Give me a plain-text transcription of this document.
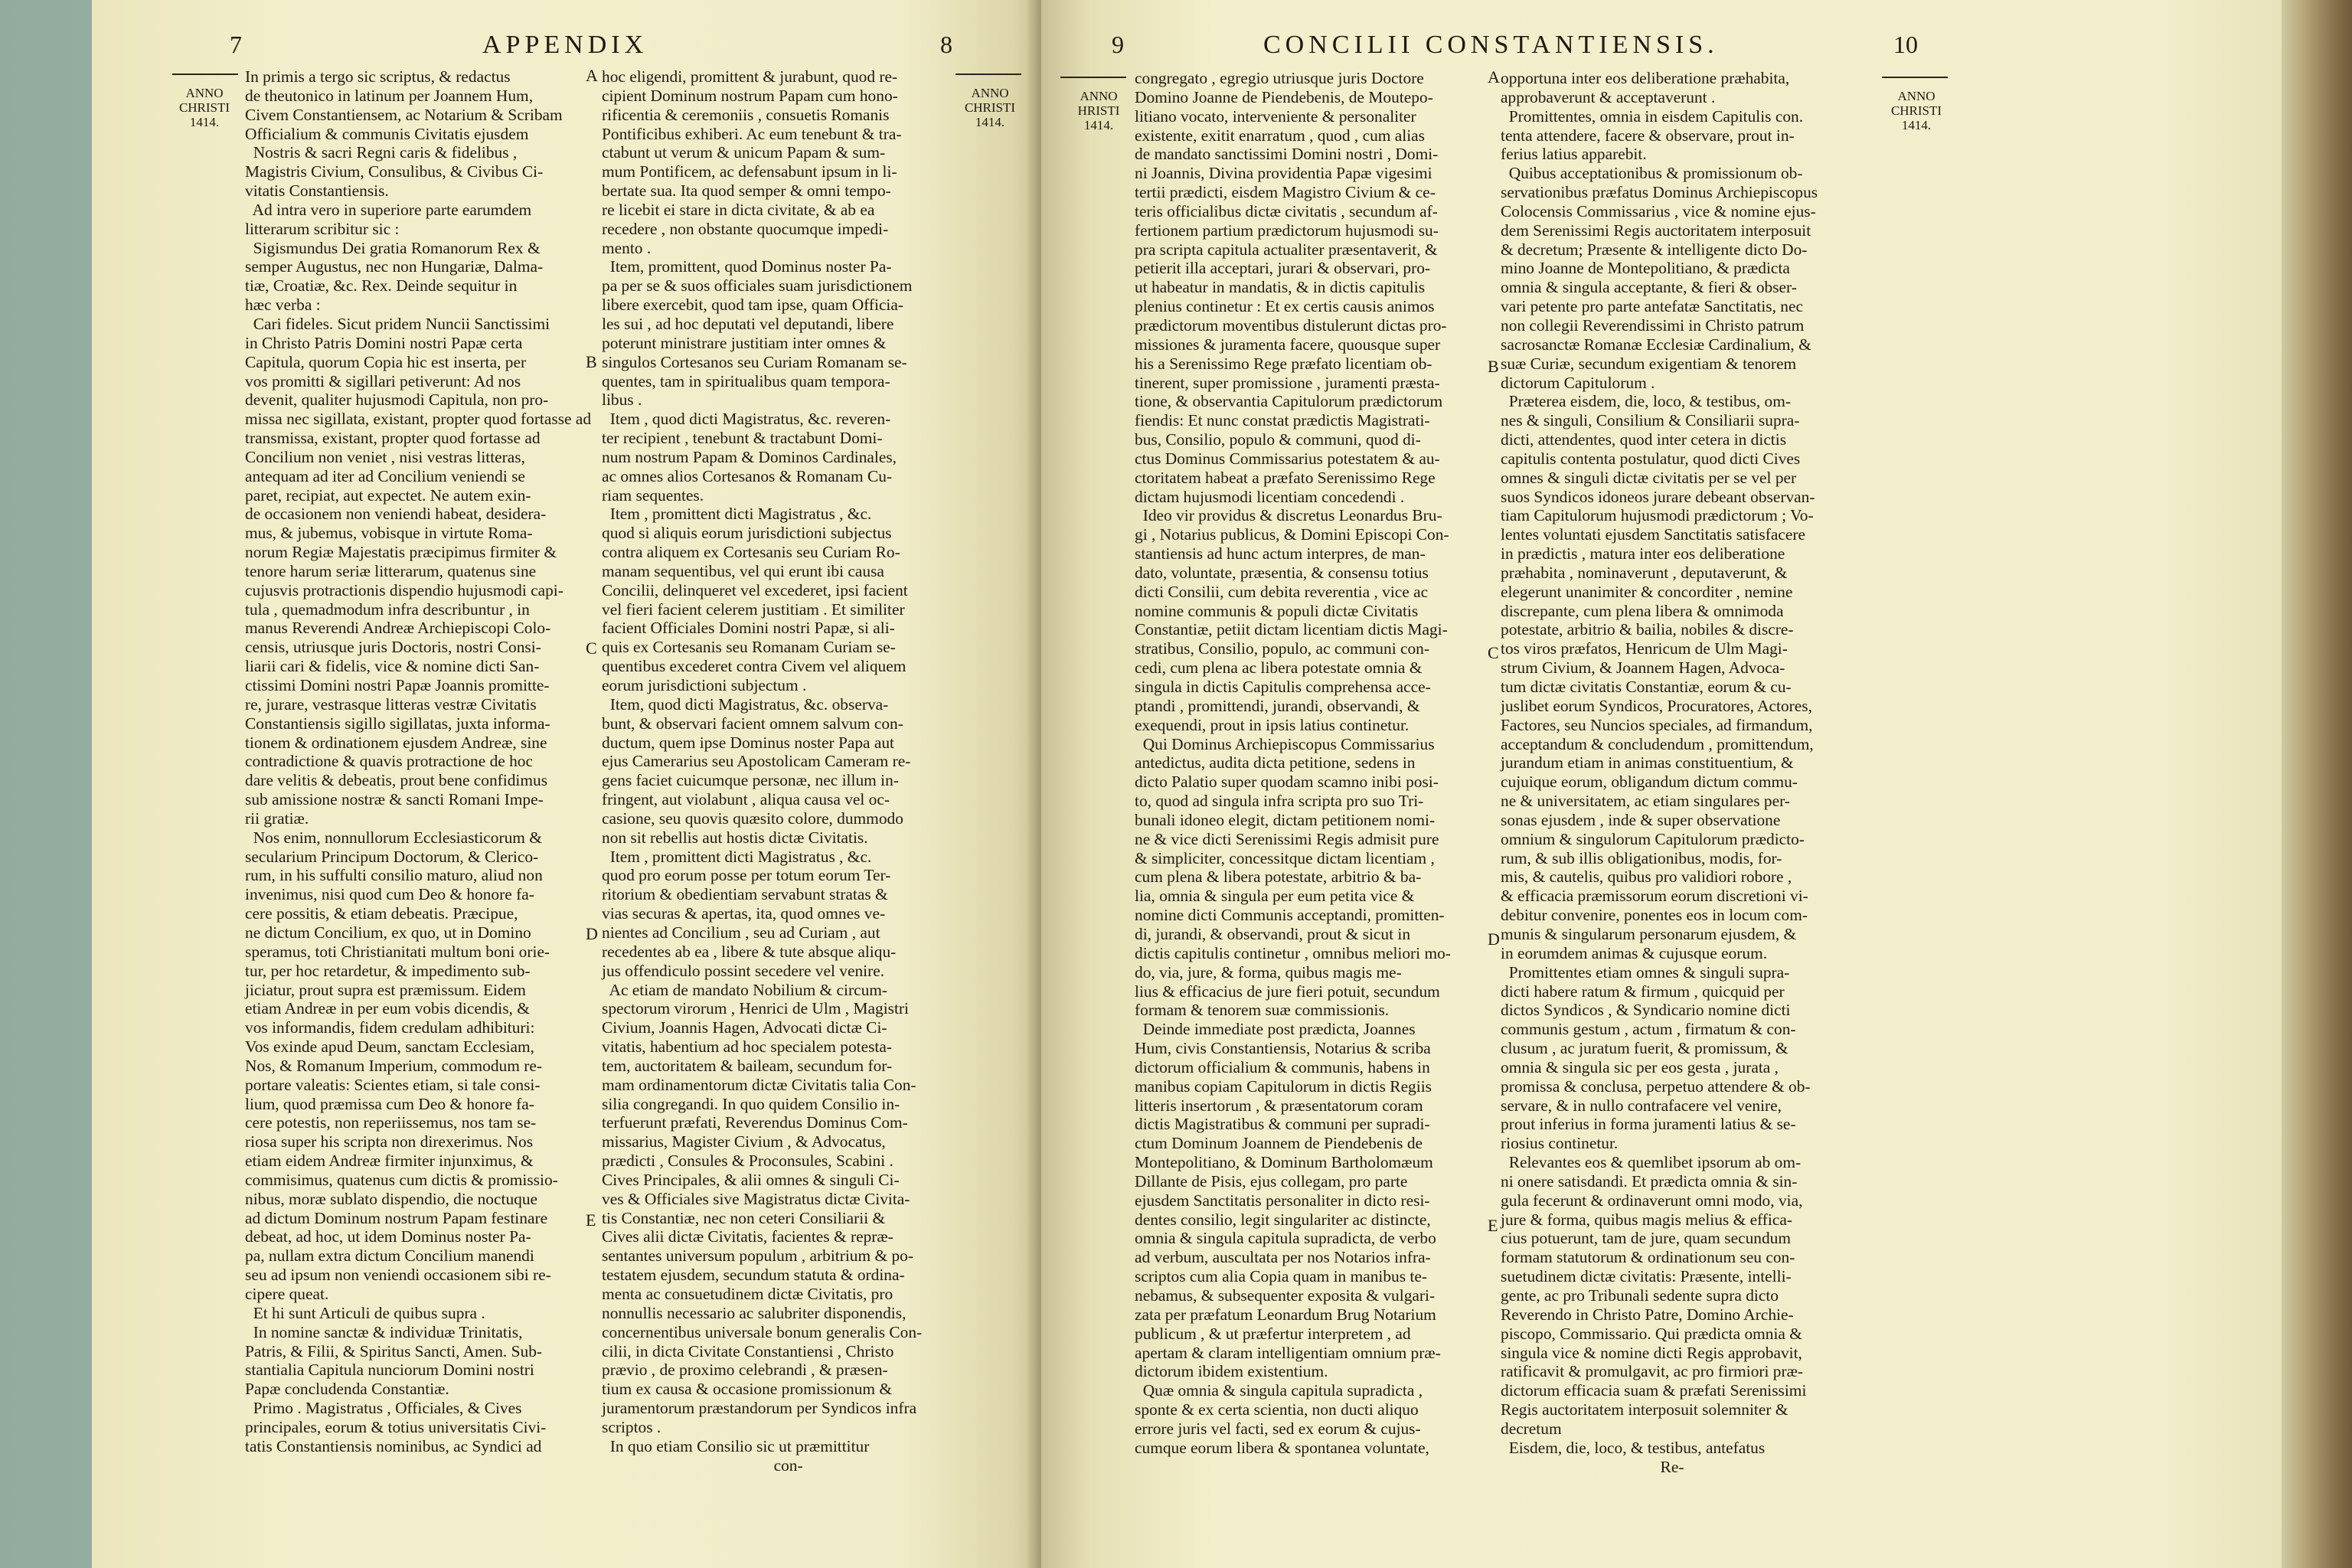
7	APPENDIX	8
ANNO
CHRISTI
1414.
ANNO
CHRISTI
1414.
A
B
C
D
E
In primis a tergo sic scriptus, & redactus
de theutonico in latinum per Joannem Hum,
Civem Constantiensem, ac Notarium & Scribam
Officialium & communis Civitatis ejusdem
Nostris & sacri Regni caris & fidelibus ,
Magistris Civium, Consulibus, & Civibus Ci-
vitatis Constantiensis.
Ad intra vero in superiore parte earumdem
litterarum scribitur sic :
Sigismundus Dei gratia Romanorum Rex &
semper Augustus, nec non Hungariæ, Dalma-
tiæ, Croatiæ, &c. Rex. Deinde sequitur in
hæc verba :
Cari fideles. Sicut pridem Nuncii Sanctissimi
in Christo Patris Domini nostri Papæ certa
Capitula, quorum Copia hic est inserta, per
vos promitti & sigillari petiverunt: Ad nos
devenit, qualiter hujusmodi Capitula, non pro-
missa nec sigillata, existant, propter quod fortasse ad
transmissa, existant, propter quod fortasse ad
Concilium non veniet , nisi vestras litteras,
antequam ad iter ad Concilium veniendi se
paret, recipiat, aut expectet. Ne autem exin-
de occasionem non veniendi habeat, desidera-
mus, & jubemus, vobisque in virtute Roma-
norum Regiæ Majestatis præcipimus firmiter &
tenore harum seriæ litterarum, quatenus sine
cujusvis protractionis dispendio hujusmodi capi-
tula , quemadmodum infra describuntur , in
manus Reverendi Andreæ Archiepiscopi Colo-
censis, utriusque juris Doctoris, nostri Consi-
liarii cari & fidelis, vice & nomine dicti San-
ctissimi Domini nostri Papæ Joannis promitte-
re, jurare, vestrasque litteras vestræ Civitatis
Constantiensis sigillo sigillatas, juxta informa-
tionem & ordinationem ejusdem Andreæ, sine
contradictione & quavis protractione de hoc
dare velitis & debeatis, prout bene confidimus
sub amissione nostræ & sancti Romani Impe-
rii gratiæ.
Nos enim, nonnullorum Ecclesiasticorum &
secularium Principum Doctorum, & Clerico-
rum, in his suffulti consilio maturo, aliud non
invenimus, nisi quod cum Deo & honore fa-
cere possitis, & etiam debeatis. Præcipue,
ne dictum Concilium, ex quo, ut in Domino
speramus, toti Christianitati multum boni orie-
tur, per hoc retardetur, & impedimento sub-
jiciatur, prout supra est præmissum. Eidem
etiam Andreæ in per eum vobis dicendis, &
vos informandis, fidem credulam adhibituri:
Vos exinde apud Deum, sanctam Ecclesiam,
Nos, & Romanum Imperium, commodum re-
portare valeatis: Scientes etiam, si tale consi-
lium, quod præmissa cum Deo & honore fa-
cere potestis, non reperiissemus, nos tam se-
riosa super his scripta non direxerimus. Nos
etiam eidem Andreæ firmiter injunximus, &
commisimus, quatenus cum dictis & promissio-
nibus, moræ sublato dispendio, die noctuque
ad dictum Dominum nostrum Papam festinare
debeat, ad hoc, ut idem Dominus noster Pa-
pa, nullam extra dictum Concilium manendi
seu ad ipsum non veniendi occasionem sibi re-
cipere queat.
Et hi sunt Articuli de quibus supra .
In nomine sanctæ & individuæ Trinitatis,
Patris, & Filii, & Spiritus Sancti, Amen. Sub-
stantialia Capitula nunciorum Domini nostri
Papæ concludenda Constantiæ.
Primo . Magistratus , Officiales, & Cives
principales, eorum & totius universitatis Civi-
tatis Constantiensis nominibus, ac Syndici ad
hoc eligendi, promittent & jurabunt, quod re-
cipient Dominum nostrum Papam cum hono-
rificentia & ceremoniis , consuetis Romanis
Pontificibus exhiberi. Ac eum tenebunt & tra-
ctabunt ut verum & unicum Papam & sum-
mum Pontificem, ac defensabunt ipsum in li-
bertate sua. Ita quod semper & omni tempo-
re licebit ei stare in dicta civitate, & ab ea
recedere , non obstante quocumque impedi-
mento .
Item, promittent, quod Dominus noster Pa-
pa per se & suos officiales suam jurisdictionem
libere exercebit, quod tam ipse, quam Officia-
les sui , ad hoc deputati vel deputandi, libere
poterunt ministrare justitiam inter omnes &
singulos Cortesanos seu Curiam Romanam se-
quentes, tam in spiritualibus quam tempora-
libus .
Item , quod dicti Magistratus, &c. reveren-
ter recipient , tenebunt & tractabunt Domi-
num nostrum Papam & Dominos Cardinales,
ac omnes alios Cortesanos & Romanam Cu-
riam sequentes.
Item , promittent dicti Magistratus , &c.
quod si aliquis eorum jurisdictioni subjectus
contra aliquem ex Cortesanis seu Curiam Ro-
manam sequentibus, vel qui erunt ibi causa
Concilii, delinqueret vel excederet, ipsi facient
vel fieri facient celerem justitiam . Et similiter
facient Officiales Domini nostri Papæ, si ali-
quis ex Cortesanis seu Romanam Curiam se-
quentibus excederet contra Civem vel aliquem
eorum jurisdictioni subjectum .
Item, quod dicti Magistratus, &c. observa-
bunt, & observari facient omnem salvum con-
ductum, quem ipse Dominus noster Papa aut
ejus Camerarius seu Apostolicam Cameram re-
gens faciet cuicumque personæ, nec illum in-
fringent, aut violabunt , aliqua causa vel oc-
casione, seu quovis quæsito colore, dummodo
non sit rebellis aut hostis dictæ Civitatis.
Item , promittent dicti Magistratus , &c.
quod pro eorum posse per totum eorum Ter-
ritorium & obedientiam servabunt stratas &
vias securas & apertas, ita, quod omnes ve-
nientes ad Concilium , seu ad Curiam , aut
recedentes ab ea , libere & tute absque aliqu-
jus offendiculo possint secedere vel venire.
Ac etiam de mandato Nobilium & circum-
spectorum virorum , Henrici de Ulm , Magistri
Civium, Joannis Hagen, Advocati dictæ Ci-
vitatis, habentium ad hoc specialem potesta-
tem, auctoritatem & baileam, secundum for-
mam ordinamentorum dictæ Civitatis talia Con-
silia congregandi. In quo quidem Consilio in-
terfuerunt præfati, Reverendus Dominus Com-
missarius, Magister Civium , & Advocatus,
prædicti , Consules & Proconsules, Scabini .
Cives Principales, & alii omnes & singuli Ci-
ves & Officiales sive Magistratus dictæ Civita-
tis Constantiæ, nec non ceteri Consiliarii &
Cives alii dictæ Civitatis, facientes & repræ-
sentantes universum populum , arbitrium & po-
testatem ejusdem, secundum statuta & ordina-
menta ac consuetudinem dictæ Civitatis, pro
nonnullis necessario ac salubriter disponendis,
concernentibus universale bonum generalis Con-
cilii, in dicta Civitate Constantiensi , Christo
prævio , de proximo celebrandi , & præsen-
tium ex causa & occasione promissionum &
juramentorum præstandorum per Syndicos infra
scriptos .
In quo etiam Consilio sic ut præmittitur
con-
9	CONCILII CONSTANTIENSIS.	10
ANNO
HRISTI
1414.
ANNO
CHRISTI
1414.
A
B
C
D
E
congregato , egregio utriusque juris Doctore
Domino Joanne de Piendebenis, de Moutepo-
litiano vocato, interveniente & personaliter
existente, exitit enarratum , quod , cum alias
de mandato sanctissimi Domini nostri , Domi-
ni Joannis, Divina providentia Papæ vigesimi
tertii prædicti, eisdem Magistro Civium & ce-
teris officialibus dictæ civitatis , secundum af-
fertionem partium prædictorum hujusmodi su-
pra scripta capitula actualiter præsentaverit, &
petierit illa acceptari, jurari & observari, pro-
ut habeatur in mandatis, & in dictis capitulis
plenius continetur : Et ex certis causis animos
prædictorum moventibus distulerunt dictas pro-
missiones & juramenta facere, quousque super
his a Serenissimo Rege præfato licentiam ob-
tinerent, super promissione , juramenti præsta-
tione, & observantia Capitulorum prædictorum
fiendis: Et nunc constat prædictis Magistrati-
bus, Consilio, populo & communi, quod di-
ctus Dominus Commissarius potestatem & au-
ctoritatem habeat a præfato Serenissimo Rege
dictam hujusmodi licentiam concedendi .
Ideo vir providus & discretus Leonardus Bru-
gi , Notarius publicus, & Domini Episcopi Con-
stantiensis ad hunc actum interpres, de man-
dato, voluntate, præsentia, & consensu totius
dicti Consilii, cum debita reverentia , vice ac
nomine communis & populi dictæ Civitatis
Constantiæ, petiit dictam licentiam dictis Magi-
stratibus, Consilio, populo, ac communi con-
cedi, cum plena ac libera potestate omnia &
singula in dictis Capitulis comprehensa acce-
ptandi , promittendi, jurandi, observandi, &
exequendi, prout in ipsis latius continetur.
Qui Dominus Archiepiscopus Commissarius
antedictus, audita dicta petitione, sedens in
dicto Palatio super quodam scamno inibi posi-
to, quod ad singula infra scripta pro suo Tri-
bunali idoneo elegit, dictam petitionem nomi-
ne & vice dicti Serenissimi Regis admisit pure
& simpliciter, concessitque dictam licentiam ,
cum plena & libera potestate, arbitrio & ba-
lia, omnia & singula per eum petita vice &
nomine dicti Communis acceptandi, promitten-
di, jurandi, & observandi, prout & sicut in
dictis capitulis continetur , omnibus meliori mo-
do, via, jure, & forma, quibus magis me-
lius & efficacius de jure fieri potuit, secundum
formam & tenorem suæ commissionis.
Deinde immediate post prædicta, Joannes
Hum, civis Constantiensis, Notarius & scriba
dictorum officialium & communis, habens in
manibus copiam Capitulorum in dictis Regiis
litteris insertorum , & præsentatorum coram
dictis Magistratibus & communi per supradi-
ctum Dominum Joannem de Piendebenis de
Montepolitiano, & Dominum Bartholomæum
Dillante de Pisis, ejus collegam, pro parte
ejusdem Sanctitatis personaliter in dicto resi-
dentes consilio, legit singulariter ac distincte,
omnia & singula capitula supradicta, de verbo
ad verbum, auscultata per nos Notarios infra-
scriptos cum alia Copia quam in manibus te-
nebamus, & subsequenter exposita & vulgari-
zata per præfatum Leonardum Brug Notarium
publicum , & ut præfertur interpretem , ad
apertam & claram intelligentiam omnium præ-
dictorum ibidem existentium.
Quæ omnia & singula capitula supradicta ,
sponte & ex certa scientia, non ducti aliquo
errore juris vel facti, sed ex eorum & cujus-
cumque eorum libera & spontanea voluntate,
opportuna inter eos deliberatione præhabita,
approbaverunt & acceptaverunt .
Promittentes, omnia in eisdem Capitulis con.
tenta attendere, facere & observare, prout in-
ferius latius apparebit.
Quibus acceptationibus & promissionum ob-
servationibus præfatus Dominus Archiepiscopus
Colocensis Commissarius , vice & nomine ejus-
dem Serenissimi Regis auctoritatem interposuit
& decretum; Præsente & intelligente dicto Do-
mino Joanne de Montepolitiano, & prædicta
omnia & singula acceptante, & fieri & obser-
vari petente pro parte antefatæ Sanctitatis, nec
non collegii Reverendissimi in Christo patrum
sacrosanctæ Romanæ Ecclesiæ Cardinalium, &
suæ Curiæ, secundum exigentiam & tenorem
dictorum Capitulorum .
Præterea eisdem, die, loco, & testibus, om-
nes & singuli, Consilium & Consiliarii supra-
dicti, attendentes, quod inter cetera in dictis
capitulis contenta postulatur, quod dicti Cives
omnes & singuli dictæ civitatis per se vel per
suos Syndicos idoneos jurare debeant observan-
tiam Capitulorum hujusmodi prædictorum ; Vo-
lentes voluntati ejusdem Sanctitatis satisfacere
in prædictis , matura inter eos deliberatione
præhabita , nominaverunt , deputaverunt, &
elegerunt unanimiter & concorditer , nemine
discrepante, cum plena libera & omnimoda
potestate, arbitrio & bailia, nobiles & discre-
tos viros præfatos, Henricum de Ulm Magi-
strum Civium, & Joannem Hagen, Advoca-
tum dictæ civitatis Constantiæ, eorum & cu-
juslibet eorum Syndicos, Procuratores, Actores,
Factores, seu Nuncios speciales, ad firmandum,
acceptandum & concludendum , promittendum,
jurandum etiam in animas constituentium, &
cujuique eorum, obligandum dictum commu-
ne & universitatem, ac etiam singulares per-
sonas ejusdem , inde & super observatione
omnium & singulorum Capitulorum prædicto-
rum, & sub illis obligationibus, modis, for-
mis, & cautelis, quibus pro validiori robore ,
& efficacia præmissorum eorum discretioni vi-
debitur convenire, ponentes eos in locum com-
munis & singularum personarum ejusdem, &
in eorumdem animas & cujusque eorum.
Promittentes etiam omnes & singuli supra-
dicti habere ratum & firmum , quicquid per
dictos Syndicos , & Syndicario nomine dicti
communis gestum , actum , firmatum & con-
clusum , ac juratum fuerit, & promissum, &
omnia & singula sic per eos gesta , jurata ,
promissa & conclusa, perpetuo attendere & ob-
servare, & in nullo contrafacere vel venire,
prout inferius in forma juramenti latius & se-
riosius continetur.
Relevantes eos & quemlibet ipsorum ab om-
ni onere satisdandi. Et prædicta omnia & sin-
gula fecerunt & ordinaverunt omni modo, via,
jure & forma, quibus magis melius & effica-
cius potuerunt, tam de jure, quam secundum
formam statutorum & ordinationum seu con-
suetudinem dictæ civitatis: Præsente, intelli-
gente, ac pro Tribunali sedente supra dicto
Reverendo in Christo Patre, Domino Archie-
piscopo, Commissario. Qui prædicta omnia &
singula vice & nomine dicti Regis approbavit,
ratificavit & promulgavit, ac pro firmiori præ-
dictorum efficacia suam & præfati Serenissimi
Regis auctoritatem interposuit solemniter &
decretum
Eisdem, die, loco, & testibus, antefatus
Re-
